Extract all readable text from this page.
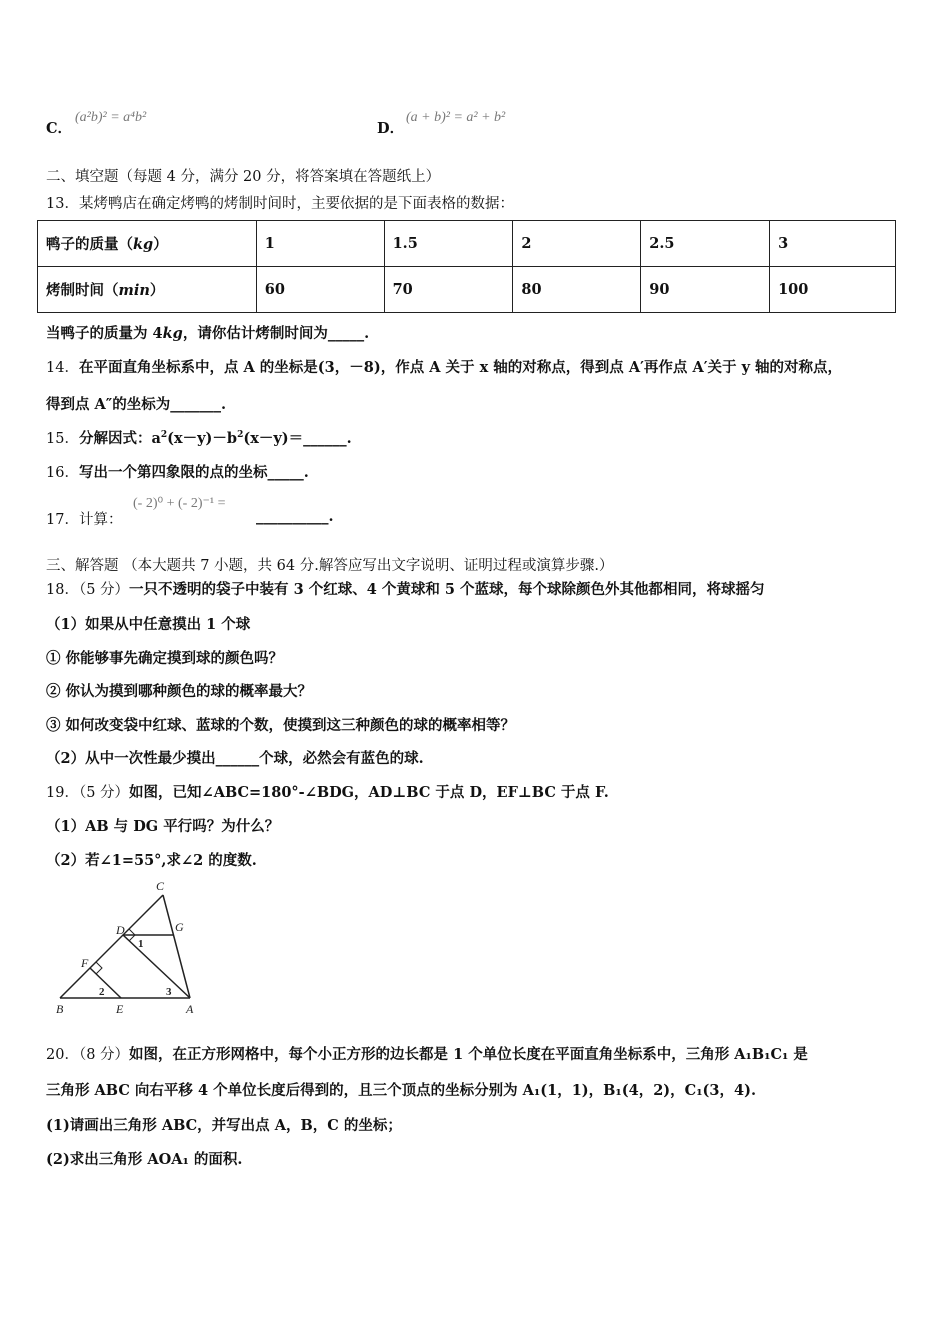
C．
(a²b)² = a⁴b²
D．
(a + b)² = a² + b²
二、填空题（每题 4 分，满分 20 分，将答案填在答题纸上）
13．某烤鸭店在确定烤鸭的烤制时间时，主要依据的是下面表格的数据：
鸭子的质量（kg）	1	1.5	2	2.5	3
烤制时间（min）	60	70	80	90	100
当鸭子的质量为 4kg，请你估计烤制时间为_____.
14．在平面直角坐标系中，点 A 的坐标是(3，－8)，作点 A 关于 x 轴的对称点，得到点 A′再作点 A′关于 y 轴的对称点，
得到点 A″的坐标为_______.
15．分解因式：$a^2(x-y)-b^2(x-y)=\_\_\_\_\_\_$.
16．写出一个第四象限的点的坐标_____.
17．计算：
(- 2)⁰ + (- 2)⁻¹ =
__________.
三、解答题 （本大题共 7 小题，共 64 分.解答应写出文字说明、证明过程或演算步骤.）
18．（5 分）一只不透明的袋子中装有 3 个红球、4 个黄球和 5 个蓝球，每个球除颜色外其他都相同，将球摇匀
（1）如果从中任意摸出 1 个球
① 你能够事先确定摸到球的颜色吗？
② 你认为摸到哪种颜色的球的概率最大？
③ 如何改变袋中红球、蓝球的个数，使摸到这三种颜色的球的概率相等？
（2）从中一次性最少摸出______个球，必然会有蓝色的球.
19．（5 分）如图，已知∠ABC=180°-∠BDG，AD⊥BC 于点 D，EF⊥BC 于点 F.
（1）AB 与 DG 平行吗？为什么？
（2）若∠1=55°,求∠2 的度数.
C
D	G
F
B	E	A
1
2	3
20．（8 分）如图，在正方形网格中，每个小正方形的边长都是 1 个单位长度在平面直角坐标系中，三角形 A₁B₁C₁ 是
三角形 ABC 向右平移 4 个单位长度后得到的，且三个顶点的坐标分别为 A₁(1，1)，B₁(4，2)，C₁(3，4).
(1)请画出三角形 ABC，并写出点 A，B，C 的坐标；
(2)求出三角形 AOA₁ 的面积.
